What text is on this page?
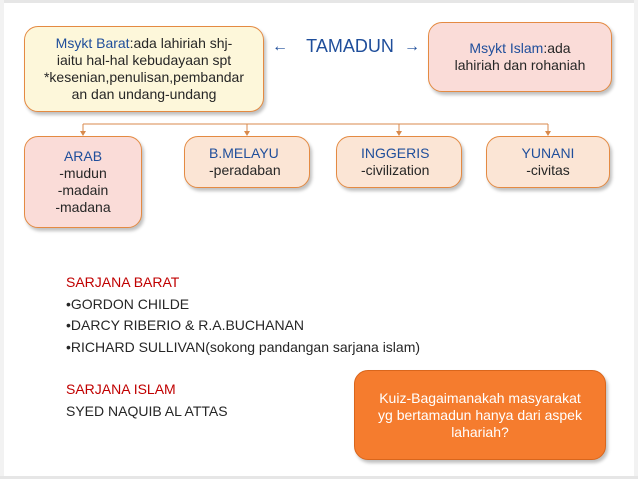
Msykt Barat:ada lahiriah shj-
iaitu hal-hal kebudayaan spt
*kesenian,penulisan,pembandar
an dan undang-undang
←	TAMADUN →	Msykt Islam:ada
lahiriah dan rohaniah
ARAB
-mudun
-madain
-madana
B.MELAYU
-peradaban
INGGERIS
-civilization
YUNANI
-civitas
SARJANA BARAT
•GORDON CHILDE
•DARCY RIBERIO & R.A.BUCHANAN
•RICHARD SULLIVAN(sokong pandangan sarjana islam)
SARJANA ISLAM
SYED NAQUIB AL ATTAS
Kuiz-Bagaimanakah masyarakat
yg bertamadun hanya dari aspek
lahariah?
